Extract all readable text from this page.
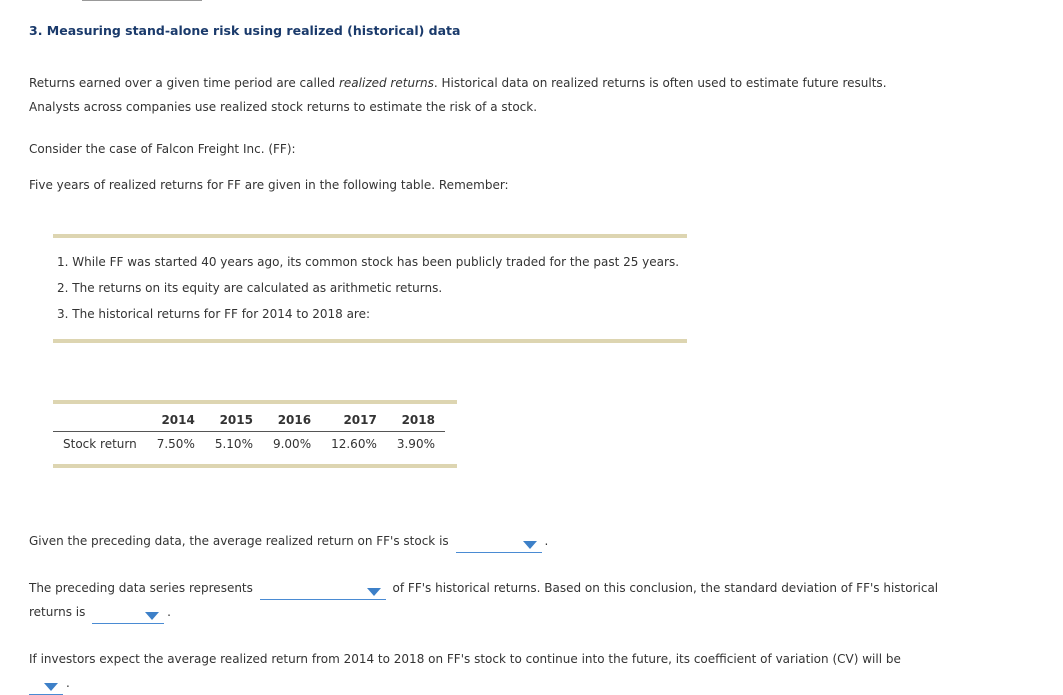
3. Measuring stand-alone risk using realized (historical) data

Returns earned over a given time period are called realized returns. Historical data on realized returns is often used to estimate future results.

Analysts across companies use realized stock returns to estimate the risk of a stock.

Consider the case of Falcon Freight Inc. (FF):

Five years of realized returns for FF are given in the following table. Remember:

1. While FF was started 40 years ago, its common stock has been publicly traded for the past 25 years.
2. The returns on its equity are calculated as arithmetic returns.
3. The historical returns for FF for 2014 to 2018 are:
	2014	2015	2016	2017	2018
Stock return	7.50%	5.10%	9.00%	12.60%	3.90%

Given the preceding data, the average realized return on FF's stock is	.

The preceding data series represents	of FF's historical returns. Based on this conclusion, the standard deviation of FF's historical
returns is	.

If investors expect the average realized return from 2014 to 2018 on FF's stock to continue into the future, its coefficient of variation (CV) will be

.
